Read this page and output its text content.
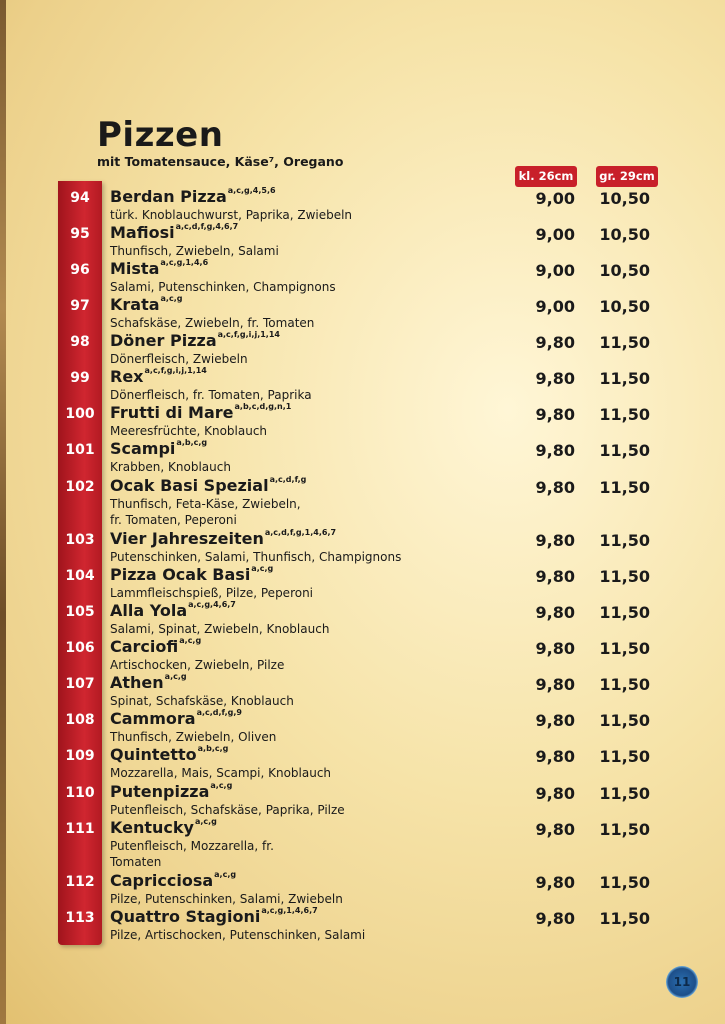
Pizzen
mit Tomatensauce, Käse⁷, Oregano
kl. 26cm	gr. 29cm
94	Berdan Pizza$^{a,c,g,4,5,6}$
türk. Knoblauchwurst, Paprika, Zwiebeln
9,00	10,50
95	Mafiosi$^{a,c,d,f,g,4,6,7}$
Thunfisch, Zwiebeln, Salami
9,00	10,50
96	Mista$^{a,c,g,1,4,6}$
Salami, Putenschinken, Champignons
9,00	10,50
97	Krata$^{a,c,g}$
Schafskäse, Zwiebeln, fr. Tomaten
9,00	10,50
98	Döner Pizza$^{a,c,f,g,i,j,1,14}$
Dönerfleisch, Zwiebeln
9,80	11,50
99	Rex$^{a,c,f,g,i,j,1,14}$
Dönerfleisch, fr. Tomaten, Paprika
9,80	11,50
100 Frutti di Mare$^{a,b,c,d,g,n,1}$
Meeresfrüchte, Knoblauch
9,80	11,50
101 Scampi$^{a,b,c,g}$
Krabben, Knoblauch
9,80	11,50
102 Ocak Basi Spezial$^{a,c,d,f,g}$
Thunfisch, Feta-Käse, Zwiebeln, fr. Tomaten, Peperoni
9,80	11,50
103 Vier Jahreszeiten$^{a,c,d,f,g,1,4,6,7}$
Putenschinken, Salami, Thunfisch, Champignons
9,80	11,50
104 Pizza Ocak Basi$^{a,c,g}$
Lammfleischspieß, Pilze, Peperoni
9,80	11,50
105 Alla Yola$^{a,c,g,4,6,7}$
Salami, Spinat, Zwiebeln, Knoblauch
9,80	11,50
106 Carciofi$^{a,c,g}$
Artischocken, Zwiebeln, Pilze
9,80	11,50
107 Athen$^{a,c,g}$
Spinat, Schafskäse, Knoblauch
9,80	11,50
108 Cammora$^{a,c,d,f,g,9}$
Thunfisch, Zwiebeln, Oliven
9,80	11,50
109 Quintetto$^{a,b,c,g}$
Mozzarella, Mais, Scampi, Knoblauch
9,80	11,50
110 Putenpizza$^{a,c,g}$
Putenfleisch, Schafskäse, Paprika, Pilze
9,80	11,50
111 Kentucky$^{a,c,g}$
Putenfleisch, Mozzarella, fr. Tomaten
9,80	11,50
112 Capricciosa$^{a,c,g}$
Pilze, Putenschinken, Salami, Zwiebeln
9,80	11,50
113 Quattro Stagioni$^{a,c,g,1,4,6,7}$
Pilze, Artischocken, Putenschinken, Salami
9,80	11,50
11
